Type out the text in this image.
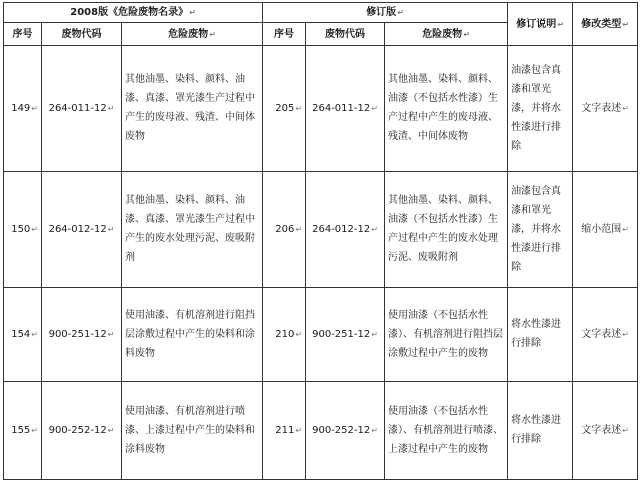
2008版《危险废物名录》↵			修订版↵			修订说明↵	修改类型↵
序号	废物代码	危险废物↵	序号	废物代码	危险废物↵		
149↵	264-011-12↵	其他油墨、染料、颜料、油漆、真漆、罩光漆生产过程中产生的废母液、残渣、中间体废物	205↵	264-011-12↵	其他油墨、染料、颜料、油漆（不包括水性漆）生产过程中产生的废母液、残渣、中间体废物	油漆包含真漆和罩光漆，并将水性漆进行排除	文字表述↵
150↵	264-012-12↵	其他油墨、染料、颜料、油漆、真漆、罩光漆生产过程中产生的废水处理污泥、废吸附剂	206↵	264-012-12↵	其他油墨、染料、颜料、油漆（不包括水性漆）生产过程中产生的废水处理污泥、废吸附剂	油漆包含真漆和罩光漆，并将水性漆进行排除	缩小范围↵
154↵	900-251-12↵	使用油漆、有机溶剂进行阻挡层涂敷过程中产生的染料和涂料废物	210↵	900-251-12↵	使用油漆（不包括水性漆）、有机溶剂进行阻挡层涂敷过程中产生的废物	将水性漆进行排除	文字表述↵
155↵	900-252-12↵	使用油漆、有机溶剂进行喷漆、上漆过程中产生的染料和涂料废物	211↵	900-252-12↵	使用油漆（不包括水性漆）、有机溶剂进行喷漆、上漆过程中产生的废物	将水性漆进行排除	文字表述↵
